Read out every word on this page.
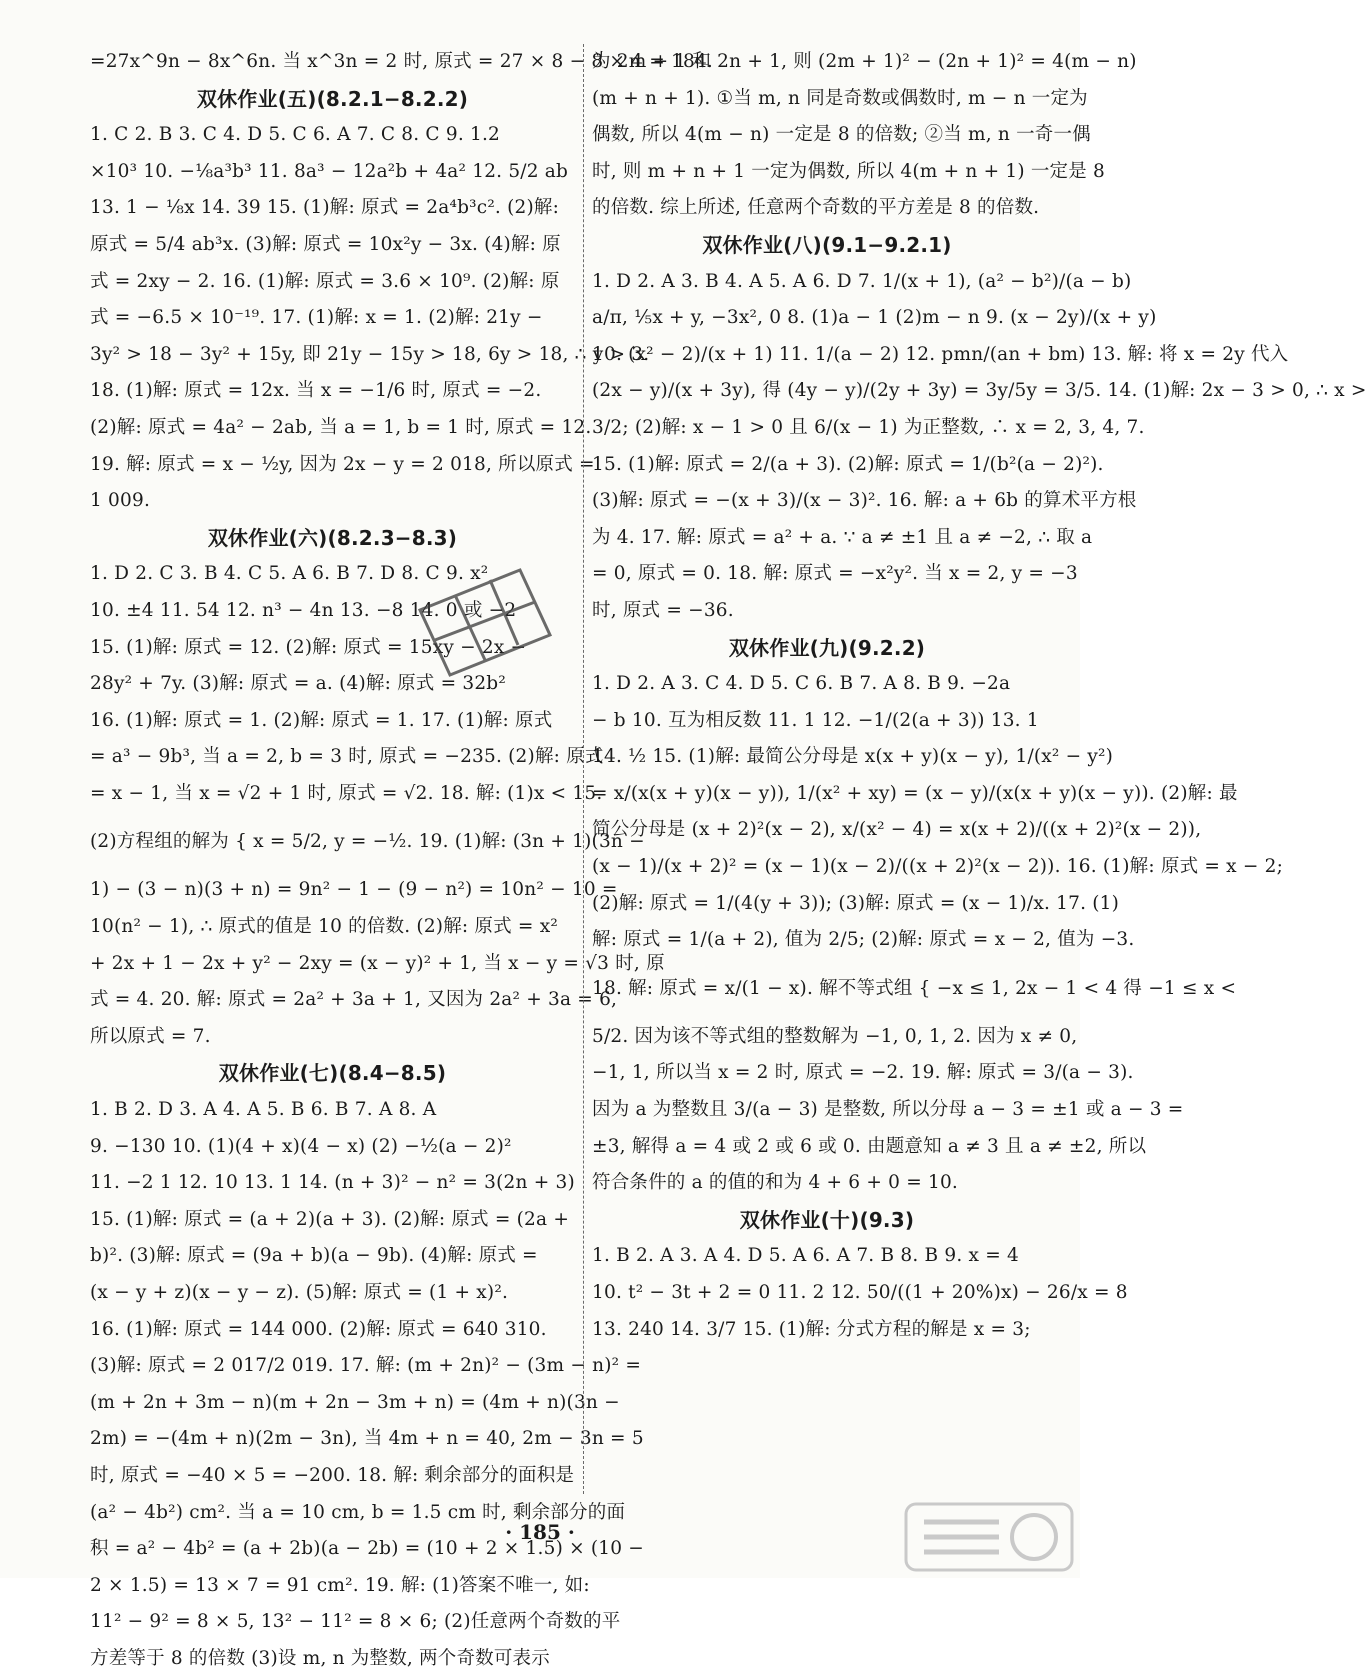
=27x^9n − 8x^6n. 当 x^3n = 2 时, 原式 = 27 × 8 − 8 × 4 = 184.
双休作业(五)(8.2.1−8.2.2)
1. C 2. B 3. C 4. D 5. C 6. A 7. C 8. C 9. 1.2
×10³ 10. −⅛a³b³ 11. 8a³ − 12a²b + 4a² 12. 5/2 ab
13. 1 − ⅛x 14. 39 15. (1)解: 原式 = 2a⁴b³c². (2)解:
原式 = 5/4 ab³x. (3)解: 原式 = 10x²y − 3x. (4)解: 原
式 = 2xy − 2. 16. (1)解: 原式 = 3.6 × 10⁹. (2)解: 原
式 = −6.5 × 10⁻¹⁹. 17. (1)解: x = 1. (2)解: 21y −
3y² > 18 − 3y² + 15y, 即 21y − 15y > 18, 6y > 18, ∴ y > 3.
18. (1)解: 原式 = 12x. 当 x = −1/6 时, 原式 = −2.
(2)解: 原式 = 4a² − 2ab, 当 a = 1, b = 1 时, 原式 = 12.
19. 解: 原式 = x − ½y, 因为 2x − y = 2 018, 所以原式 =
1 009.
双休作业(六)(8.2.3−8.3)
1. D 2. C 3. B 4. C 5. A 6. B 7. D 8. C 9. x²
10. ±4 11. 54 12. n³ − 4n 13. −8 14. 0 或 −2
15. (1)解: 原式 = 12. (2)解: 原式 = 15xy − 2x −
28y² + 7y. (3)解: 原式 = a. (4)解: 原式 = 32b²
16. (1)解: 原式 = 1. (2)解: 原式 = 1. 17. (1)解: 原式
= a³ − 9b³, 当 a = 2, b = 3 时, 原式 = −235. (2)解: 原式
= x − 1, 当 x = √2 + 1 时, 原式 = √2. 18. 解: (1)x < 15.
(2)方程组的解为 { x = 5/2, y = −½. 19. (1)解: (3n + 1)(3n −
1) − (3 − n)(3 + n) = 9n² − 1 − (9 − n²) = 10n² − 10 =
10(n² − 1), ∴ 原式的值是 10 的倍数. (2)解: 原式 = x²
+ 2x + 1 − 2x + y² − 2xy = (x − y)² + 1, 当 x − y = √3 时, 原
式 = 4. 20. 解: 原式 = 2a² + 3a + 1, 又因为 2a² + 3a = 6,
所以原式 = 7.
双休作业(七)(8.4−8.5)
1. B 2. D 3. A 4. A 5. B 6. B 7. A 8. A
9. −130 10. (1)(4 + x)(4 − x) (2) −½(a − 2)²
11. −2 1 12. 10 13. 1 14. (n + 3)² − n² = 3(2n + 3)
15. (1)解: 原式 = (a + 2)(a + 3). (2)解: 原式 = (2a +
b)². (3)解: 原式 = (9a + b)(a − 9b). (4)解: 原式 =
(x − y + z)(x − y − z). (5)解: 原式 = (1 + x)².
16. (1)解: 原式 = 144 000. (2)解: 原式 = 640 310.
(3)解: 原式 = 2 017/2 019. 17. 解: (m + 2n)² − (3m − n)² =
(m + 2n + 3m − n)(m + 2n − 3m + n) = (4m + n)(3n −
2m) = −(4m + n)(2m − 3n), 当 4m + n = 40, 2m − 3n = 5
时, 原式 = −40 × 5 = −200. 18. 解: 剩余部分的面积是
(a² − 4b²) cm². 当 a = 10 cm, b = 1.5 cm 时, 剩余部分的面
积 = a² − 4b² = (a + 2b)(a − 2b) = (10 + 2 × 1.5) × (10 −
2 × 1.5) = 13 × 7 = 91 cm². 19. 解: (1)答案不唯一, 如:
11² − 9² = 8 × 5, 13² − 11² = 8 × 6; (2)任意两个奇数的平
方差等于 8 的倍数 (3)设 m, n 为整数, 两个奇数可表示
为 2m + 1 和 2n + 1, 则 (2m + 1)² − (2n + 1)² = 4(m − n)
(m + n + 1). ①当 m, n 同是奇数或偶数时, m − n 一定为
偶数, 所以 4(m − n) 一定是 8 的倍数; ②当 m, n 一奇一偶
时, 则 m + n + 1 一定为偶数, 所以 4(m + n + 1) 一定是 8
的倍数. 综上所述, 任意两个奇数的平方差是 8 的倍数.
双休作业(八)(9.1−9.2.1)
1. D 2. A 3. B 4. A 5. A 6. D 7. 1/(x + 1), (a² − b²)/(a − b)
a/π, ⅕x + y, −3x², 0 8. (1)a − 1 (2)m − n 9. (x − 2y)/(x + y)
10. (x² − 2)/(x + 1) 11. 1/(a − 2) 12. pmn/(an + bm) 13. 解: 将 x = 2y 代入
(2x − y)/(x + 3y), 得 (4y − y)/(2y + 3y) = 3y/5y = 3/5. 14. (1)解: 2x − 3 > 0, ∴ x >
3/2; (2)解: x − 1 > 0 且 6/(x − 1) 为正整数, ∴ x = 2, 3, 4, 7.
15. (1)解: 原式 = 2/(a + 3). (2)解: 原式 = 1/(b²(a − 2)²).
(3)解: 原式 = −(x + 3)/(x − 3)². 16. 解: a + 6b 的算术平方根
为 4. 17. 解: 原式 = a² + a. ∵ a ≠ ±1 且 a ≠ −2, ∴ 取 a
= 0, 原式 = 0. 18. 解: 原式 = −x²y². 当 x = 2, y = −3
时, 原式 = −36.
双休作业(九)(9.2.2)
1. D 2. A 3. C 4. D 5. C 6. B 7. A 8. B 9. −2a
− b 10. 互为相反数 11. 1 12. −1/(2(a + 3)) 13. 1
14. ½ 15. (1)解: 最简公分母是 x(x + y)(x − y), 1/(x² − y²)
= x/(x(x + y)(x − y)), 1/(x² + xy) = (x − y)/(x(x + y)(x − y)). (2)解: 最
简公分母是 (x + 2)²(x − 2), x/(x² − 4) = x(x + 2)/((x + 2)²(x − 2)),
(x − 1)/(x + 2)² = (x − 1)(x − 2)/((x + 2)²(x − 2)). 16. (1)解: 原式 = x − 2;
(2)解: 原式 = 1/(4(y + 3)); (3)解: 原式 = (x − 1)/x. 17. (1)
解: 原式 = 1/(a + 2), 值为 2/5; (2)解: 原式 = x − 2, 值为 −3.
18. 解: 原式 = x/(1 − x). 解不等式组 { −x ≤ 1, 2x − 1 < 4 得 −1 ≤ x <
5/2. 因为该不等式组的整数解为 −1, 0, 1, 2. 因为 x ≠ 0,
−1, 1, 所以当 x = 2 时, 原式 = −2. 19. 解: 原式 = 3/(a − 3).
因为 a 为整数且 3/(a − 3) 是整数, 所以分母 a − 3 = ±1 或 a − 3 =
±3, 解得 a = 4 或 2 或 6 或 0. 由题意知 a ≠ 3 且 a ≠ ±2, 所以
符合条件的 a 的值的和为 4 + 6 + 0 = 10.
双休作业(十)(9.3)
1. B 2. A 3. A 4. D 5. A 6. A 7. B 8. B 9. x = 4
10. t² − 3t + 2 = 0 11. 2 12. 50/((1 + 20%)x) − 26/x = 8
13. 240 14. 3/7 15. (1)解: 分式方程的解是 x = 3;
· 185 ·
